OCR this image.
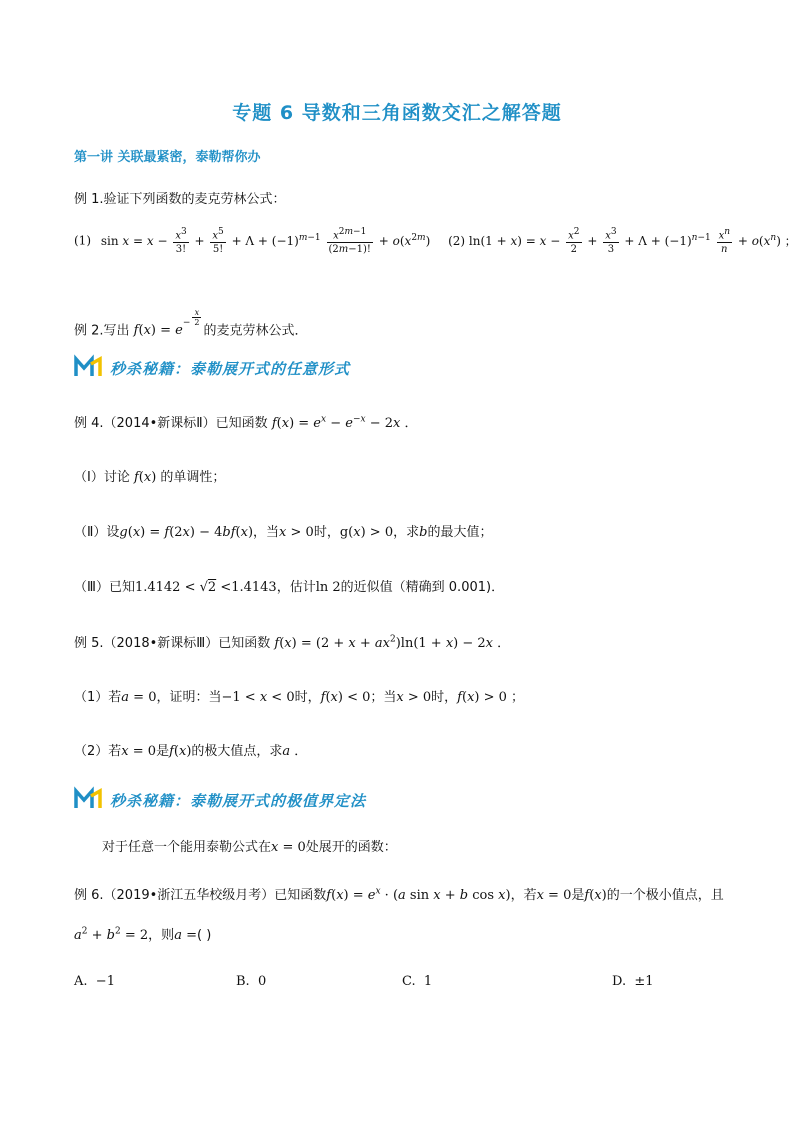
专题 6 导数和三角函数交汇之解答题
第一讲 关联最紧密，泰勒帮你办
例 1.验证下列函数的麦克劳林公式：
(1) $\sin x = x - \frac{x^3}{3!} + \frac{x^5}{5!} + \Lambda + (-1)^{m-1} \frac{x^{2m-1}}{(2m-1)!} + o(x^{2m})$ (2) $\ln(1 + x) = x - \frac{x^2}{2} + \frac{x^3}{3} + \Lambda + (-1)^{n-1} \frac{x^n}{n} + o(x^n)$ ；
例 2.写出 $f(x) = e^{- \frac{x}{2}}$
的麦克劳林公式．
秒杀秘籍：泰勒展开式的任意形式
例 4.（2014•新课标Ⅱ）已知函数 $f(x) = e^x - e^{-x} - 2x$ ．
（Ⅰ）讨论 f(x) 的单调性；
（Ⅱ）设g(x) = f(2x) − 4bf(x)，当x > 0时，g(x) > 0，求b的最大值；
（Ⅲ）已知1.4142 < √2 <1.4143，估计ln 2的近似值（精确到 0.001)．
例 5.（2018•新课标Ⅲ）已知函数 $f(x) = (2 + x + ax^2)\ln(1 + x) - 2x$ ．
（1）若a = 0，证明：当−1 < x < 0时，f(x) < 0；当x > 0时，f(x) > 0 ；
（2）若x = 0是f(x)的极大值点，求a ．
秒杀秘籍：泰勒展开式的极值界定法
对于任意一个能用泰勒公式在x = 0处展开的函数：
例 6.（2019•浙江五华校级月考）已知函数$f(x) = e^x \cdot (a$ sin x + b cos x)，若x = 0是f(x)的一个极小值点，且
$a^2 + b^2 = 2$，则a =( )
A. −1	B. 0	C. 1	D. ±1
